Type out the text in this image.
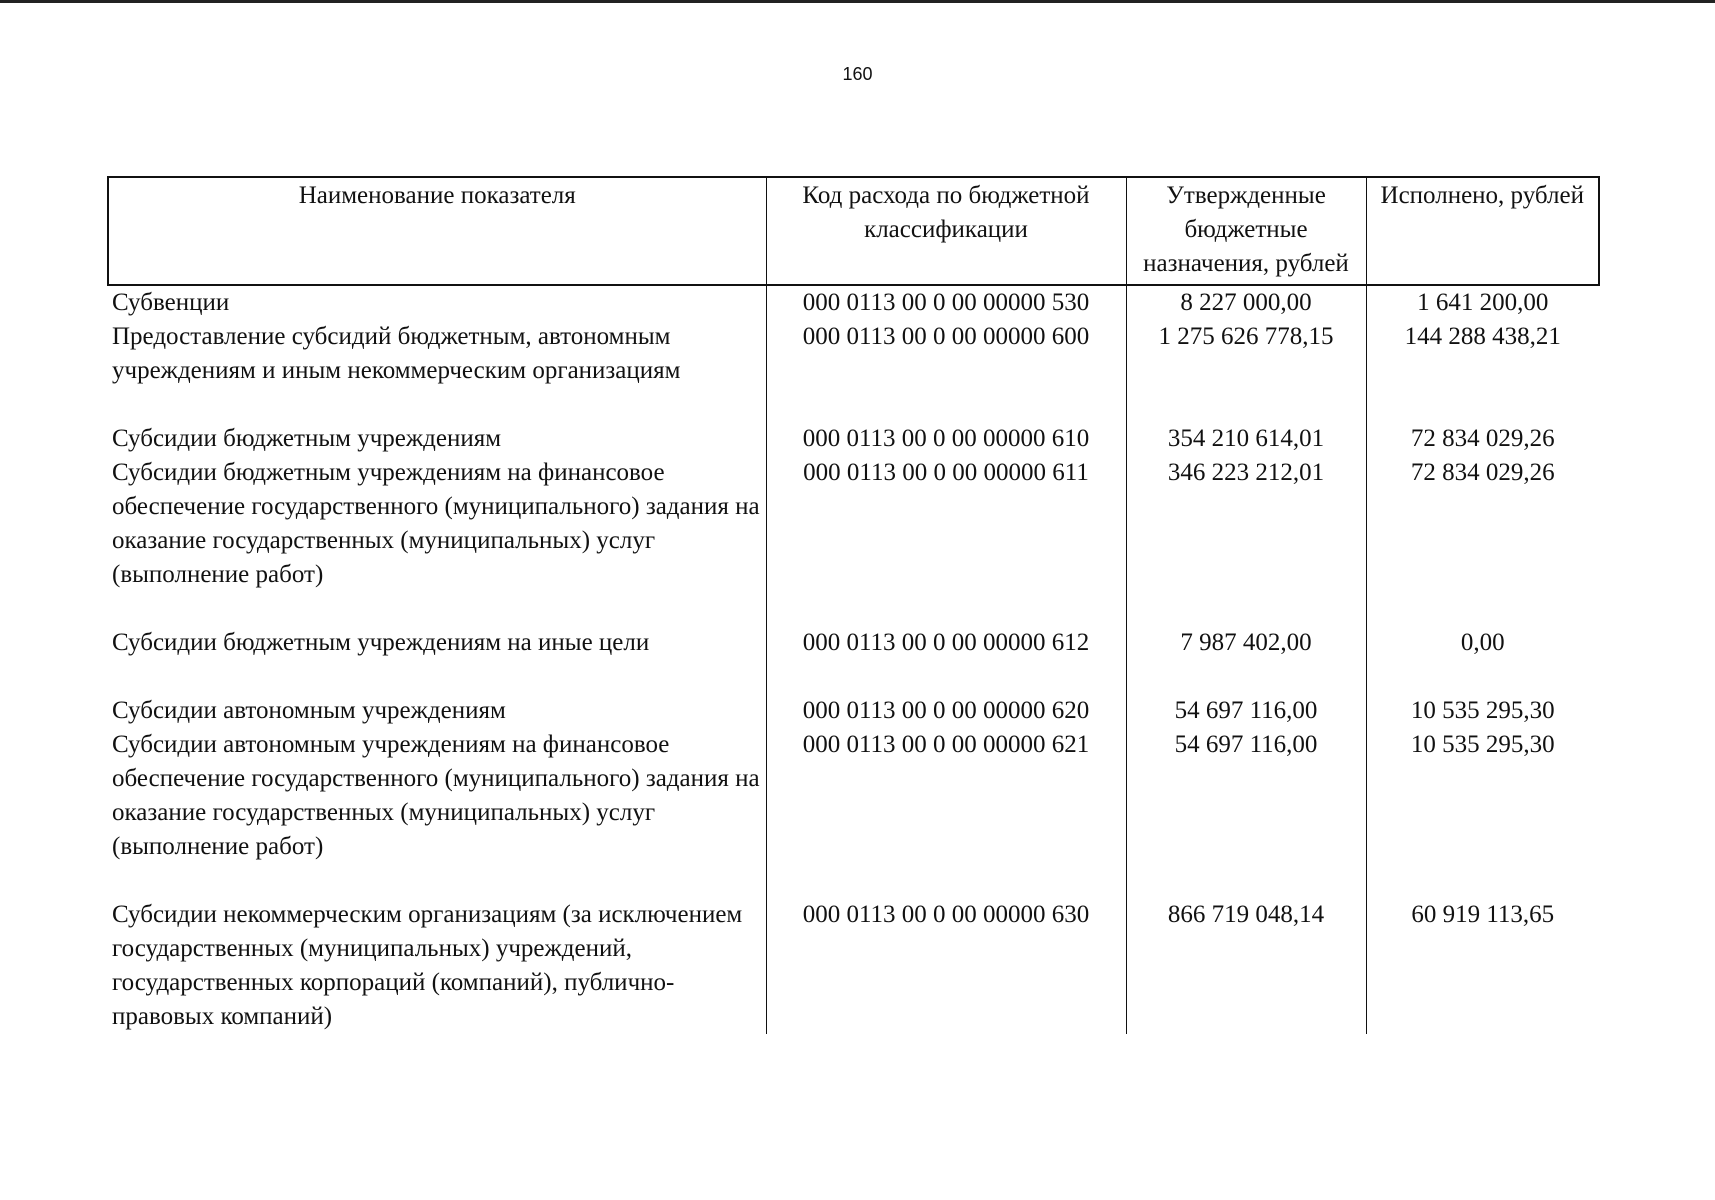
160
Наименование показателя	Код расхода по бюджетной классификации	Утвержденные бюджетные назначения, рублей	Исполнено, рублей
Субвенции	000 0113 00 0 00 00000 530	8 227 000,00	1 641 200,00
Предоставление субсидий бюджетным, автономным учреждениям и иным некоммерческим организациям	000 0113 00 0 00 00000 600	1 275 626 778,15	144 288 438,21

Субсидии бюджетным учреждениям	000 0113 00 0 00 00000 610	354 210 614,01	72 834 029,26
Субсидии бюджетным учреждениям на финансовое обеспечение государственного (муниципального) задания на оказание государственных (муниципальных) услуг (выполнение работ)	000 0113 00 0 00 00000 611	346 223 212,01	72 834 029,26

Субсидии бюджетным учреждениям на иные цели	000 0113 00 0 00 00000 612	7 987 402,00	0,00

Субсидии автономным учреждениям	000 0113 00 0 00 00000 620	54 697 116,00	10 535 295,30
Субсидии автономным учреждениям на финансовое обеспечение государственного (муниципального) задания на оказание государственных (муниципальных) услуг (выполнение работ)	000 0113 00 0 00 00000 621	54 697 116,00	10 535 295,30

Субсидии некоммерческим организациям (за исключением государственных (муниципальных) учреждений, государственных корпораций (компаний), публично-правовых компаний)	000 0113 00 0 00 00000 630	866 719 048,14	60 919 113,65
